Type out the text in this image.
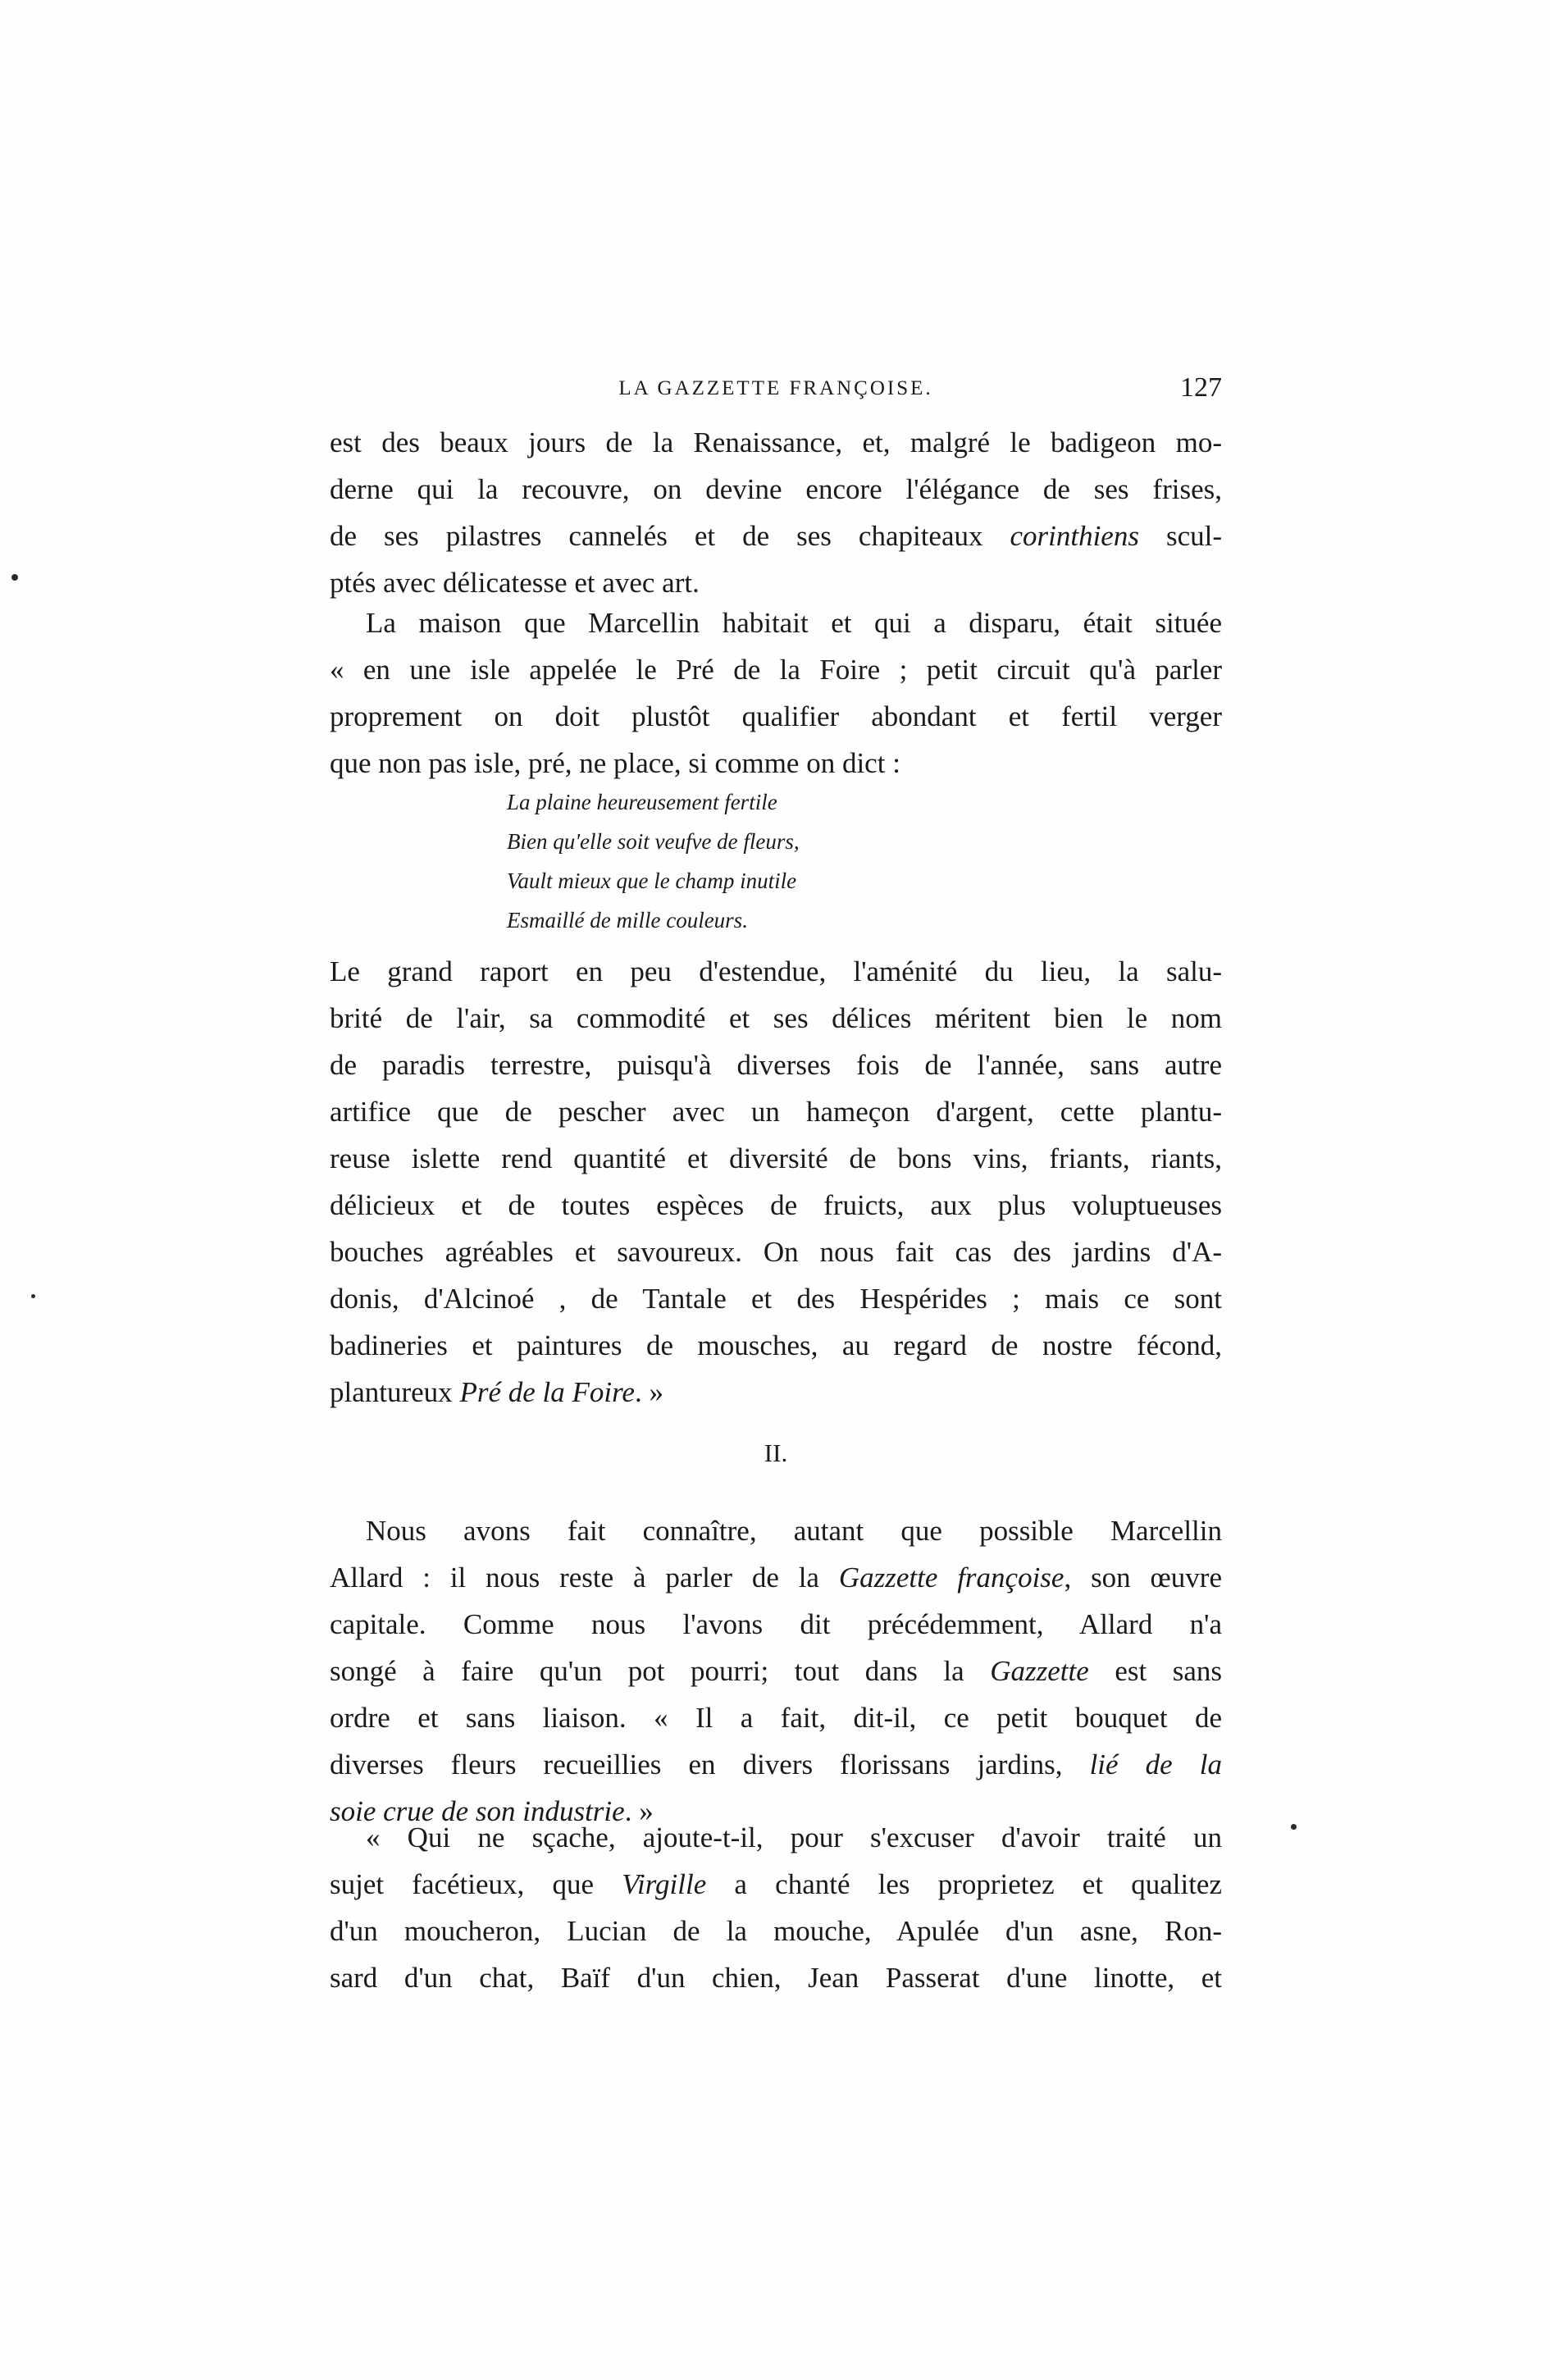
LA GAZZETTE FRANÇOISE.	127
est des beaux jours de la Renaissance, et, malgré le badigeon mo-
derne qui la recouvre, on devine encore l'élégance de ses frises,
de ses pilastres cannelés et de ses chapiteaux corinthiens scul-
ptés avec délicatesse et avec art.
La maison que Marcellin habitait et qui a disparu, était située
« en une isle appelée le Pré de la Foire ; petit circuit qu'à parler
proprement on doit plustôt qualifier abondant et fertil verger
que non pas isle, pré, ne place, si comme on dict :
La plaine heureusement fertile
Bien qu'elle soit veufve de fleurs,
Vault mieux que le champ inutile
Esmaillé de mille couleurs.
Le grand raport en peu d'estendue, l'aménité du lieu, la salu-
brité de l'air, sa commodité et ses délices méritent bien le nom
de paradis terrestre, puisqu'à diverses fois de l'année, sans autre
artifice que de pescher avec un hameçon d'argent, cette plantu-
reuse islette rend quantité et diversité de bons vins, friants, riants,
délicieux et de toutes espèces de fruicts, aux plus voluptueuses
bouches agréables et savoureux. On nous fait cas des jardins d'A-
donis, d'Alcinoé , de Tantale et des Hespérides ; mais ce sont
badineries et paintures de mousches, au regard de nostre fécond,
plantureux Pré de la Foire. »
II.
Nous avons fait connaître, autant que possible Marcellin
Allard : il nous reste à parler de la Gazzette françoise, son œuvre
capitale. Comme nous l'avons dit précédemment, Allard n'a
songé à faire qu'un pot pourri; tout dans la Gazzette est sans
ordre et sans liaison. « Il a fait, dit-il, ce petit bouquet de
diverses fleurs recueillies en divers florissans jardins, lié de la
soie crue de son industrie. »
« Qui ne sçache, ajoute-t-il, pour s'excuser d'avoir traité un
sujet facétieux, que Virgille a chanté les proprietez et qualitez
d'un moucheron, Lucian de la mouche, Apulée d'un asne, Ron-
sard d'un chat, Baïf d'un chien, Jean Passerat d'une linotte, et
